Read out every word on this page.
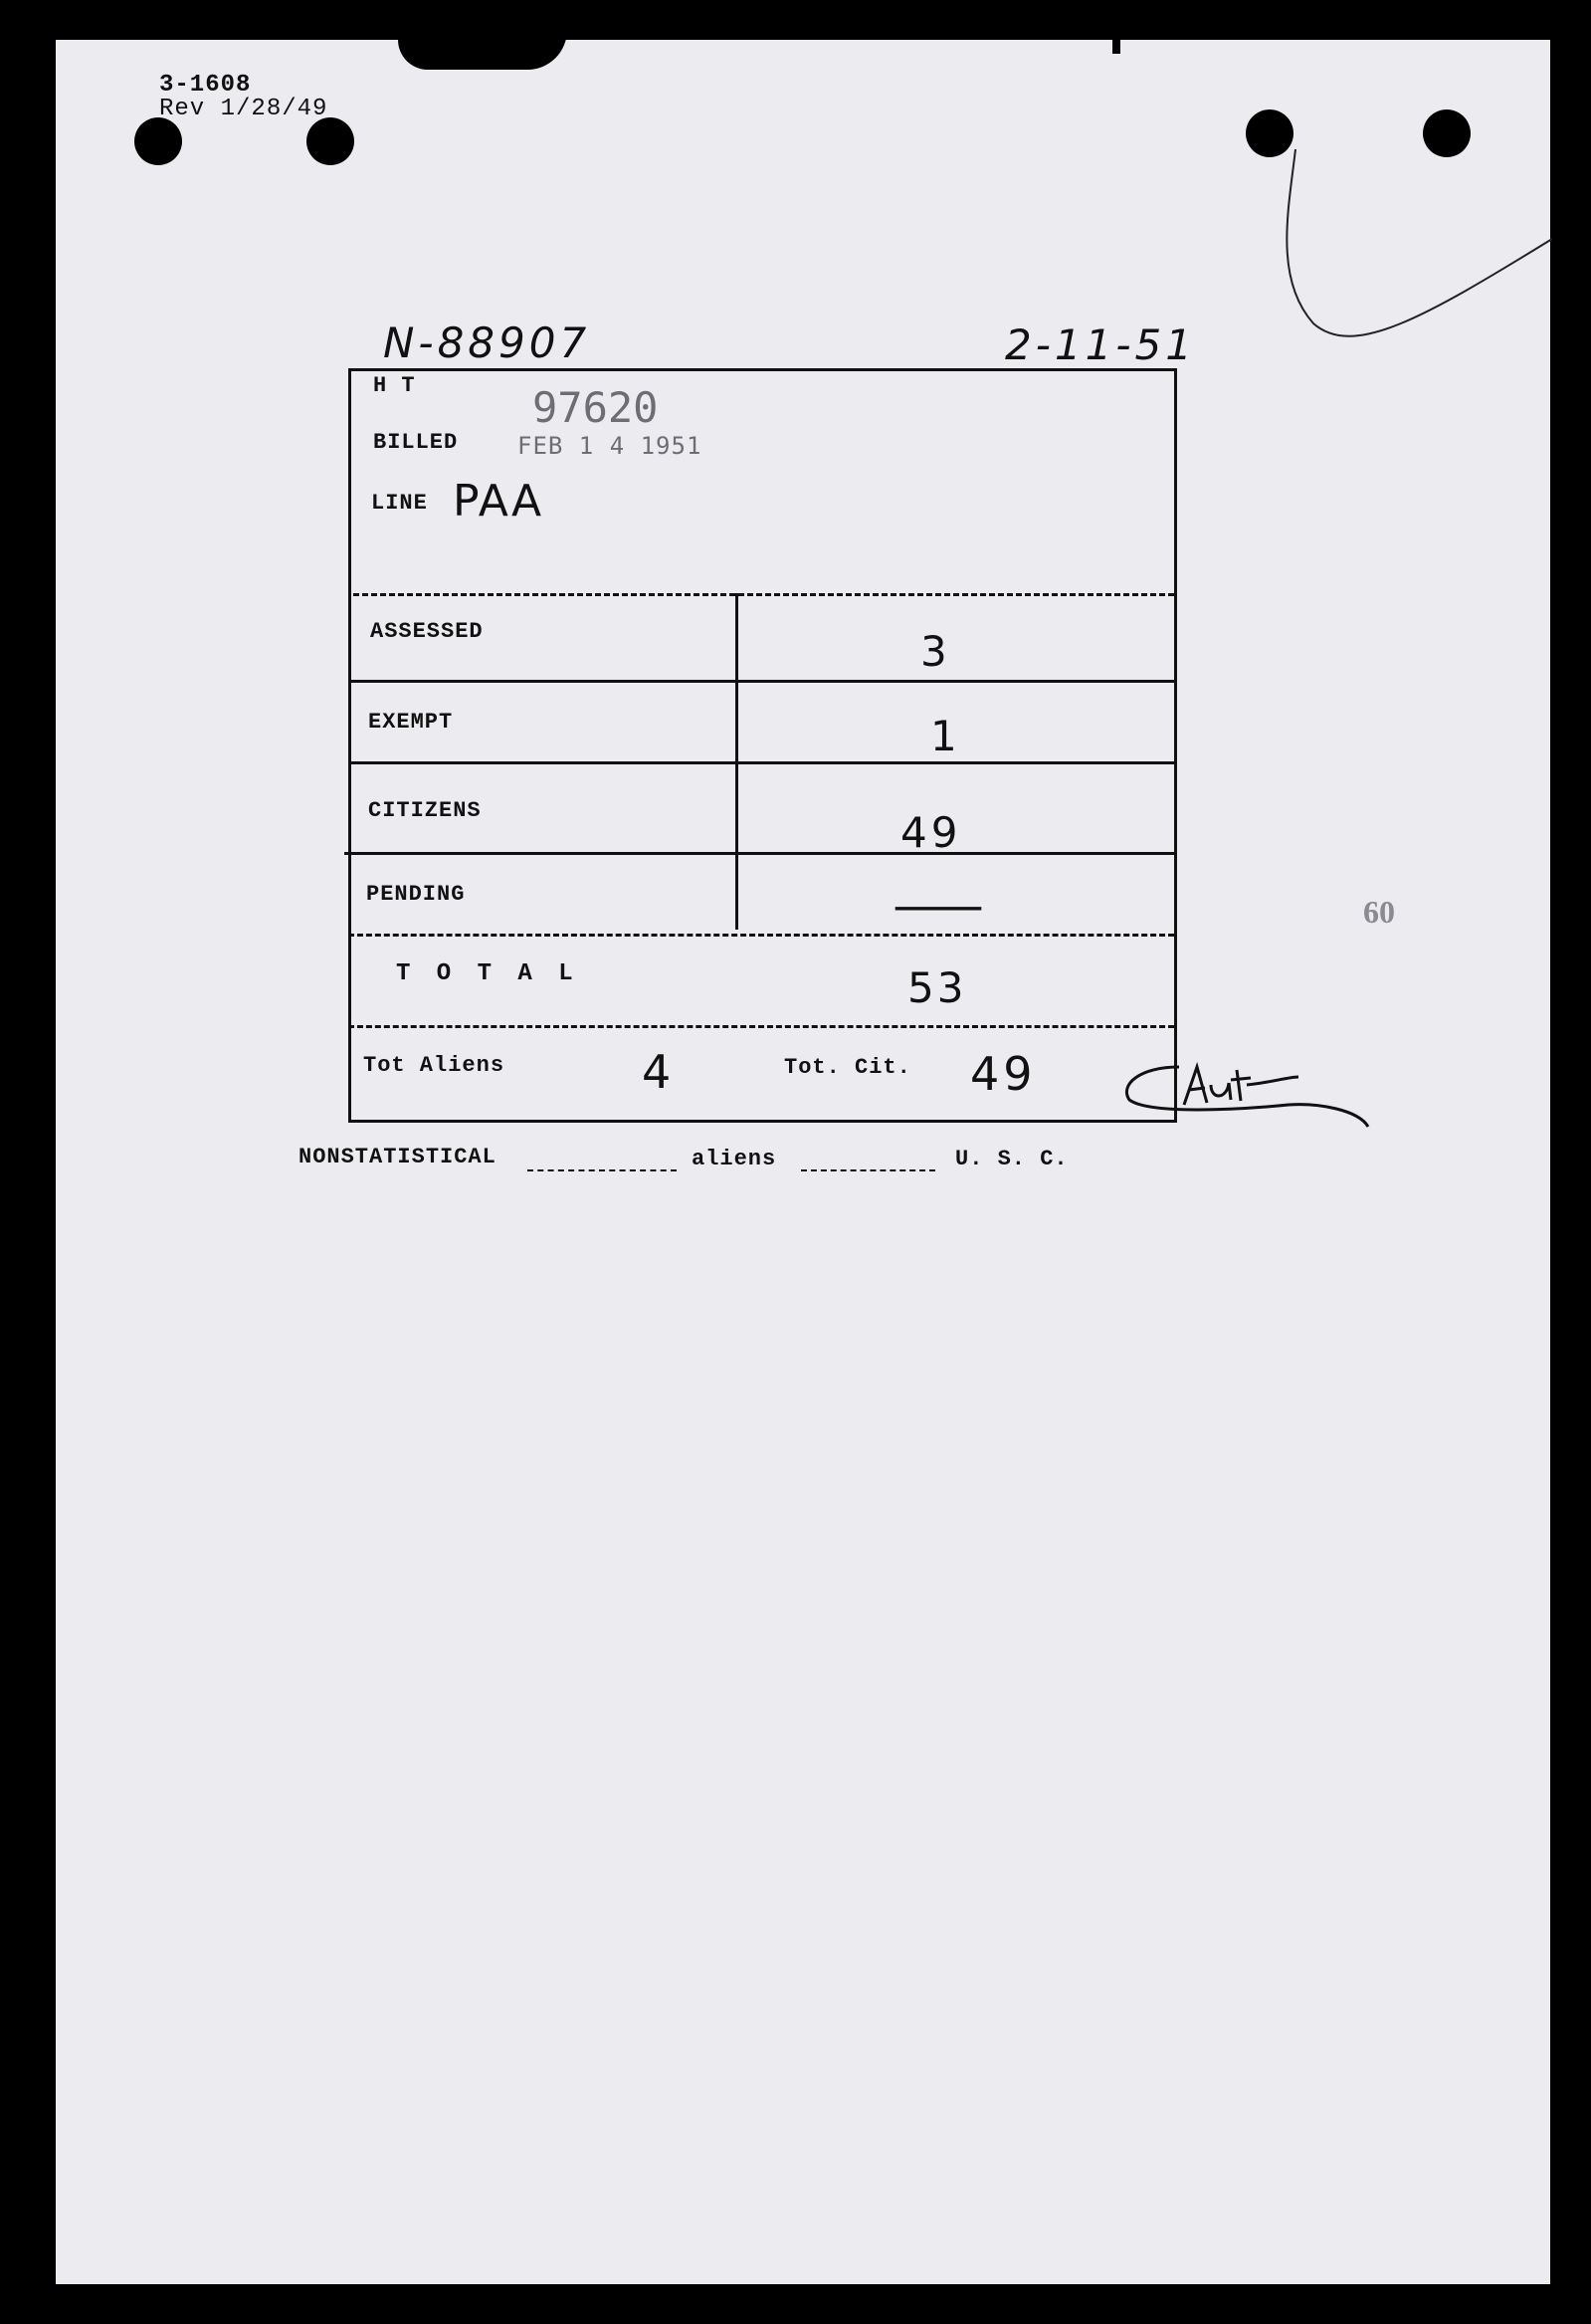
3-1608
Rev 1/28/49
N-88907	2-11-51
H T	97620
BILLED FEB 1 4 1951
LINE PAA
ASSESSED	3
EXEMPT	1
CITIZENS	49
PENDING	—
T O T A L	53
Tot Aliens	4	Tot. Cit. 49
NONSTATISTICAL	aliens	U. S. C.
60
